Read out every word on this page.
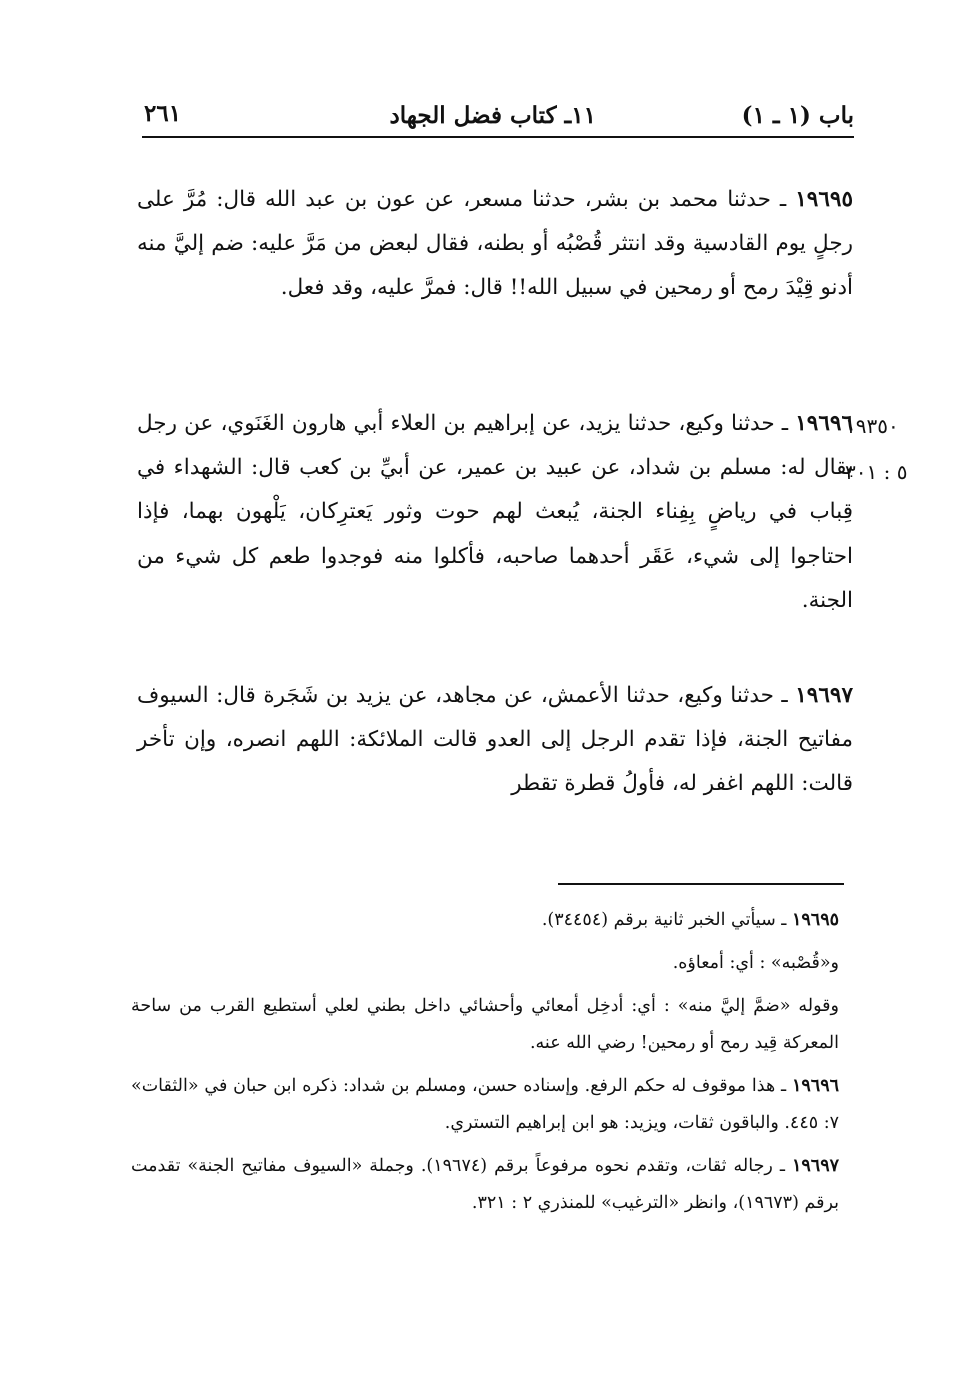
باب (١ ـ ١)
١١ـ كتاب فضل الجهاد
٢٦١
١٩٣٥٠
٥ : ٣٠١

١٩٦٩٥ ـ حدثنا محمد بن بشر، حدثنا مسعر، عن عون بن عبد الله قال: مُرَّ على رجلٍ يوم القادسية وقد انتثر قُصْبُه أو بطنه، فقال لبعض من مَرَّ عليه: ضم إليَّ منه أدنو قِيْدَ رمح أو رمحين في سبيل الله!! قال: فمرَّ عليه، وقد فعل.

١٩٦٩٦ ـ حدثنا وكيع، حدثنا يزيد، عن إبراهيم بن العلاء أبي هارون الغَنَوي، عن رجل يقال له: مسلم بن شداد، عن عبيد بن عمير، عن أبيِّ بن كعب قال: الشهداء في قِباب في رياضٍ بِفِناء الجنة، يُبعث لهم حوت وثور يَعترِكان، يَلْهون بهما، فإذا احتاجوا إلى شيء، عَقَر أحدهما صاحبه، فأكلوا منه فوجدوا طعم كل شيء من الجنة.

١٩٦٩٧ ـ حدثنا وكيع، حدثنا الأعمش، عن مجاهد، عن يزيد بن شَجَرة قال: السيوف مفاتيح الجنة، فإذا تقدم الرجل إلى العدو قالت الملائكة: اللهم انصره، وإن تأخر قالت: اللهم اغفر له، فأولُ قطرة تقطر

١٩٦٩٥ ـ سيأتي الخبر ثانية برقم (٣٤٤٥٤).

و«قُصْبه» : أي: أمعاؤه.

وقوله «ضمَّ إليَّ منه» : أي: أدخِل أمعائي وأحشائي داخل بطني لعلي أستطيع القرب من ساحة المعركة قِيد رمح أو رمحين! رضي الله عنه.

١٩٦٩٦ ـ هذا موقوف له حكم الرفع. وإسناده حسن، ومسلم بن شداد: ذكره ابن حبان في «الثقات» ٧: ٤٤٥. والباقون ثقات، ويزيد: هو ابن إبراهيم التستري.

١٩٦٩٧ ـ رجاله ثقات، وتقدم نحوه مرفوعاً برقم (١٩٦٧٤). وجملة «السيوف مفاتيح الجنة» تقدمت برقم (١٩٦٧٣)، وانظر «الترغيب» للمنذري ٢ : ٣٢١.
